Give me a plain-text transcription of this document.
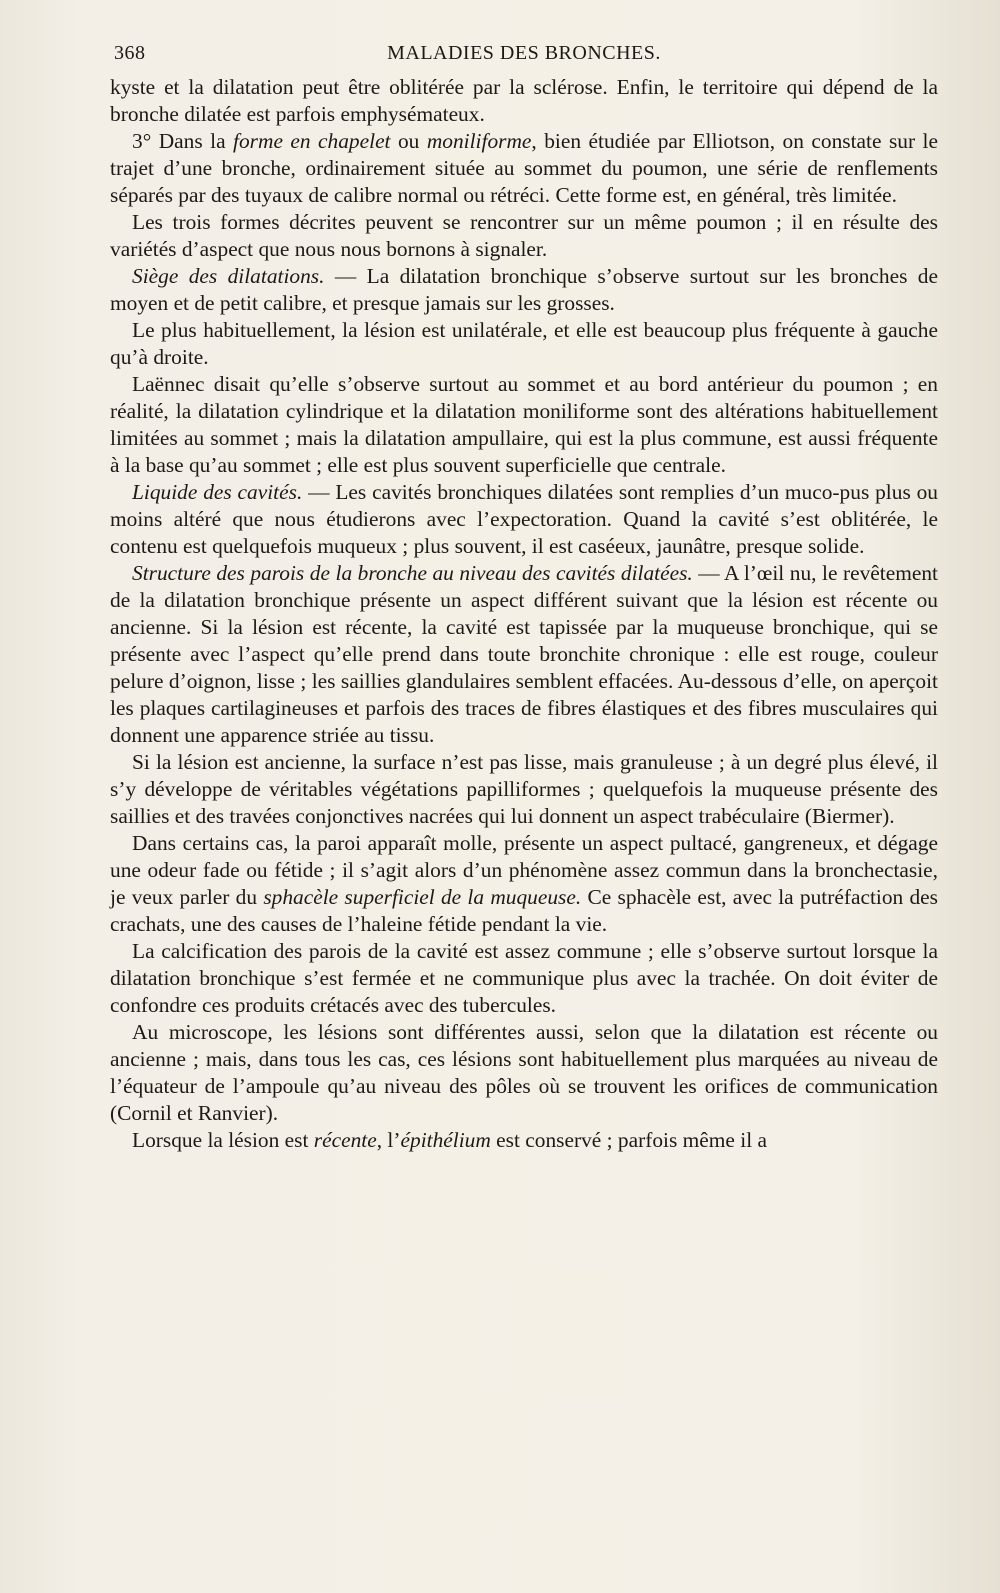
368	MALADIES DES BRONCHES.

kyste et la dilatation peut être oblitérée par la sclérose. Enfin, le territoire qui dépend de la bronche dilatée est parfois emphysémateux.

3° Dans la forme en chapelet ou moniliforme, bien étudiée par Elliotson, on constate sur le trajet d’une bronche, ordinairement située au sommet du poumon, une série de renflements séparés par des tuyaux de calibre normal ou rétréci. Cette forme est, en général, très limitée.

Les trois formes décrites peuvent se rencontrer sur un même poumon ; il en résulte des variétés d’aspect que nous nous bornons à signaler.

Siège des dilatations. — La dilatation bronchique s’observe surtout sur les bronches de moyen et de petit calibre, et presque jamais sur les grosses.

Le plus habituellement, la lésion est unilatérale, et elle est beaucoup plus fréquente à gauche qu’à droite.

Laënnec disait qu’elle s’observe surtout au sommet et au bord antérieur du poumon ; en réalité, la dilatation cylindrique et la dilatation moniliforme sont des altérations habituellement limitées au sommet ; mais la dilatation ampullaire, qui est la plus commune, est aussi fréquente à la base qu’au sommet ; elle est plus souvent superficielle que centrale.

Liquide des cavités. — Les cavités bronchiques dilatées sont remplies d’un muco-pus plus ou moins altéré que nous étudierons avec l’expectoration. Quand la cavité s’est oblitérée, le contenu est quelquefois muqueux ; plus souvent, il est caséeux, jaunâtre, presque solide.

Structure des parois de la bronche au niveau des cavités dilatées. — A l’œil nu, le revêtement de la dilatation bronchique présente un aspect différent suivant que la lésion est récente ou ancienne. Si la lésion est récente, la cavité est tapissée par la muqueuse bronchique, qui se présente avec l’aspect qu’elle prend dans toute bronchite chronique : elle est rouge, couleur pelure d’oignon, lisse ; les saillies glandulaires semblent effacées. Au-dessous d’elle, on aperçoit les plaques cartilagineuses et parfois des traces de fibres élastiques et des fibres musculaires qui donnent une apparence striée au tissu.

Si la lésion est ancienne, la surface n’est pas lisse, mais granuleuse ; à un degré plus élevé, il s’y développe de véritables végétations papilliformes ; quelquefois la muqueuse présente des saillies et des travées conjonctives nacrées qui lui donnent un aspect trabéculaire (Biermer).

Dans certains cas, la paroi apparaît molle, présente un aspect pultacé, gangreneux, et dégage une odeur fade ou fétide ; il s’agit alors d’un phénomène assez commun dans la bronchectasie, je veux parler du sphacèle superficiel de la muqueuse. Ce sphacèle est, avec la putréfaction des crachats, une des causes de l’haleine fétide pendant la vie.

La calcification des parois de la cavité est assez commune ; elle s’observe surtout lorsque la dilatation bronchique s’est fermée et ne communique plus avec la trachée. On doit éviter de confondre ces produits crétacés avec des tubercules.

Au microscope, les lésions sont différentes aussi, selon que la dilatation est récente ou ancienne ; mais, dans tous les cas, ces lésions sont habituellement plus marquées au niveau de l’équateur de l’ampoule qu’au niveau des pôles où se trouvent les orifices de communication (Cornil et Ranvier).

Lorsque la lésion est récente, l’épithélium est conservé ; parfois même il a
